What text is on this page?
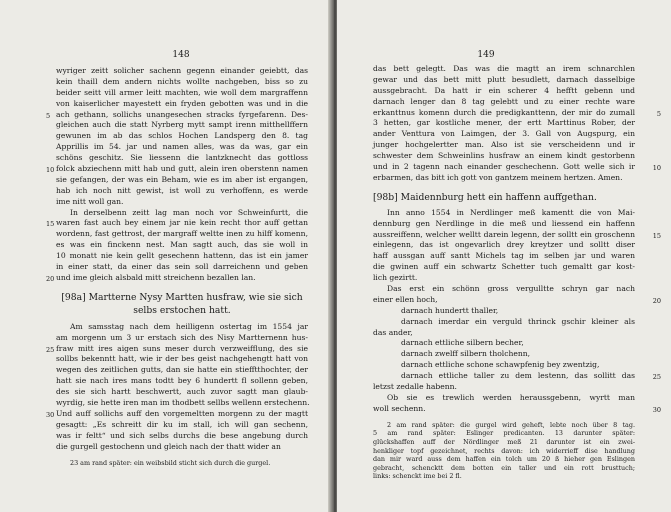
148
wyriger zeitt solicher sachenn gegenn einander geiebtt, das
kein thaill dem andern nichts wollte nachgeben, biss so zu
beider seitt vill armer leitt machten, wie woll dem margraffenn
von kaiserlicher mayestett ein fryden gebotten was und in die
ach gethann, sollichs unangesechen stracks fyrgefarenn. Des-
5
gleichen auch die statt Nyrberg mytt sampt irenn mitthellffern
gewunen im ab das schlos Hochen Landsperg den 8. tag
Apprillis im 54. jar und namen alles, was da was, gar ein
schöns geschitz. Sie liessenn die lantzknecht das gottloss
folck abziechenn mitt hab und gutt, alein iren oberstenn namen
10
sie gefangen, der was ein Beham, wie es im aber ist ergangen,
hab ich noch nitt gewist, ist woll zu verhoffenn, es werde
ime nitt woll gan.
In derselbenn zeitt lag man noch vor Schweinfurtt, die
waren fast auch bey einem jar nie kein recht thor auff gettan
15
wordenn, fast gettrost, der margraff weltte inen zu hilff komenn,
es was ein finckenn nest. Man sagtt auch, das sie woll in
10 monatt nie kein gellt gesechenn hattenn, das ist ein jamer
in einer statt, da einer das sein soll darreichenn und geben
und ime gleich alsbald mitt streichenn bezallen lan.
20
[98a] Martterne Nysy Martten husfraw, wie sie sich
selbs erstochen hatt.
Am samsstag nach dem heilligenn ostertag im 1554 jar
am morgenn um 3 ur erstach sich des Nisy Martternenn hus-
fraw mitt ires aigen suns meser durch verzweifflung, des sie
25
sollbs bekenntt hatt, wie ir der bes geist nachgehengtt hatt von
wegen des zeitlichen gutts, dan sie hatte ein stiefftthochter, der
hatt sie nach ires mans todtt bey 6 hundertt fl sollenn geben,
des sie sich hartt beschwertt, auch zuvor sagtt man glaub-
wyrdig, sie hette iren man im thodbett sellbs wellenn erstechenn.
Und auff sollichs auff den vorgemeltten morgenn zu der magtt
30
gesagtt: „Es schreitt dir ku im stall, ich will gan sechenn,
was ir feltt“ und sich selbs durchs die bese angebung durch
die gurgell gestochenn und gleich nach der thatt wider an
23 am rand später: ein weibsbild sticht sich durch die gurgel.
149
das bett gelegtt. Das was die magtt an irem schnarchlen
gewar und das bett mitt plutt besudlett, darnach dasselbige
aussgebracht. Da hatt ir ein scherer 4 hefftt gebenn und
darnach lenger dan 8 tag gelebtt und zu einer rechte ware
erkanttnus komenn durch die predigkanttenn, der mir do zumall	5
3 hetten, gar kostliche mener, der ertt Marttinus Rober, der
ander Venttura von Laimgen, der 3. Gall von Augspurg, ein
junger hochgelertter man. Also ist sie verscheidenn und ir
schwester dem Schweinlins husfraw an einem kindt gestorbenn
und in 2 tagenn nach einander geschechenn. Gott welle sich ir	10
erbarmen, das bitt ich gott von gantzem meinem hertzen. Amen.
[98b] Maidennburg hett ein haffenn auffgethan.
Inn anno 1554 in Nerdlinger meß kamentt die von Mai-
dennburg gen Nerdlinge in die meß und liessend ein haffenn
aussreiffenn, welcher welltt darein legenn, der solltt ein groschenn	15
einlegenn, das ist ongevarlich drey kreytzer und solltt diser
haff aussgan auff santt Michels tag im selben jar und waren
die gwinen auff ein schwartz Schetter tuch gemaltt gar kost-
lich gezirtt.
Das erst ein schönn gross vergulltte schryn gar nach
einer ellen hoch,	20
darnach hundertt thaller,
darnach imerdar ein verguld thrinck gschir kleiner als
das ander,
darnach ettliche silbern becher,
darnach zwelff silbern tholchenn,
darnach ettliche schone schawpfenig bey zwentzig,
darnach ettliche taller zu dem lestenn, das sollitt das	25
letzst zedalle habenn.
Ob sie es trewlich werden heraussgebenn, wyrtt man
woll sechenn.	30
2 am rand später: die gurgel wird geheft, lebte noch über 8 tag.
5 am rand später: Eslinger predicanten. 13 darunter später:
glückshaffen auff der Nördlinger meß 21 darunter ist ein zwei-
henkliger topf gezeichnet, rechts davon: ich widerrieff dise handlung
dan mir ward auss dem haffen ein tolch um 20 ß hieher gen Eslingen
gebracht, schencktt dem botten ein taller und ein rott brusttuch;
links: schenckt ime bei 2 fl.
